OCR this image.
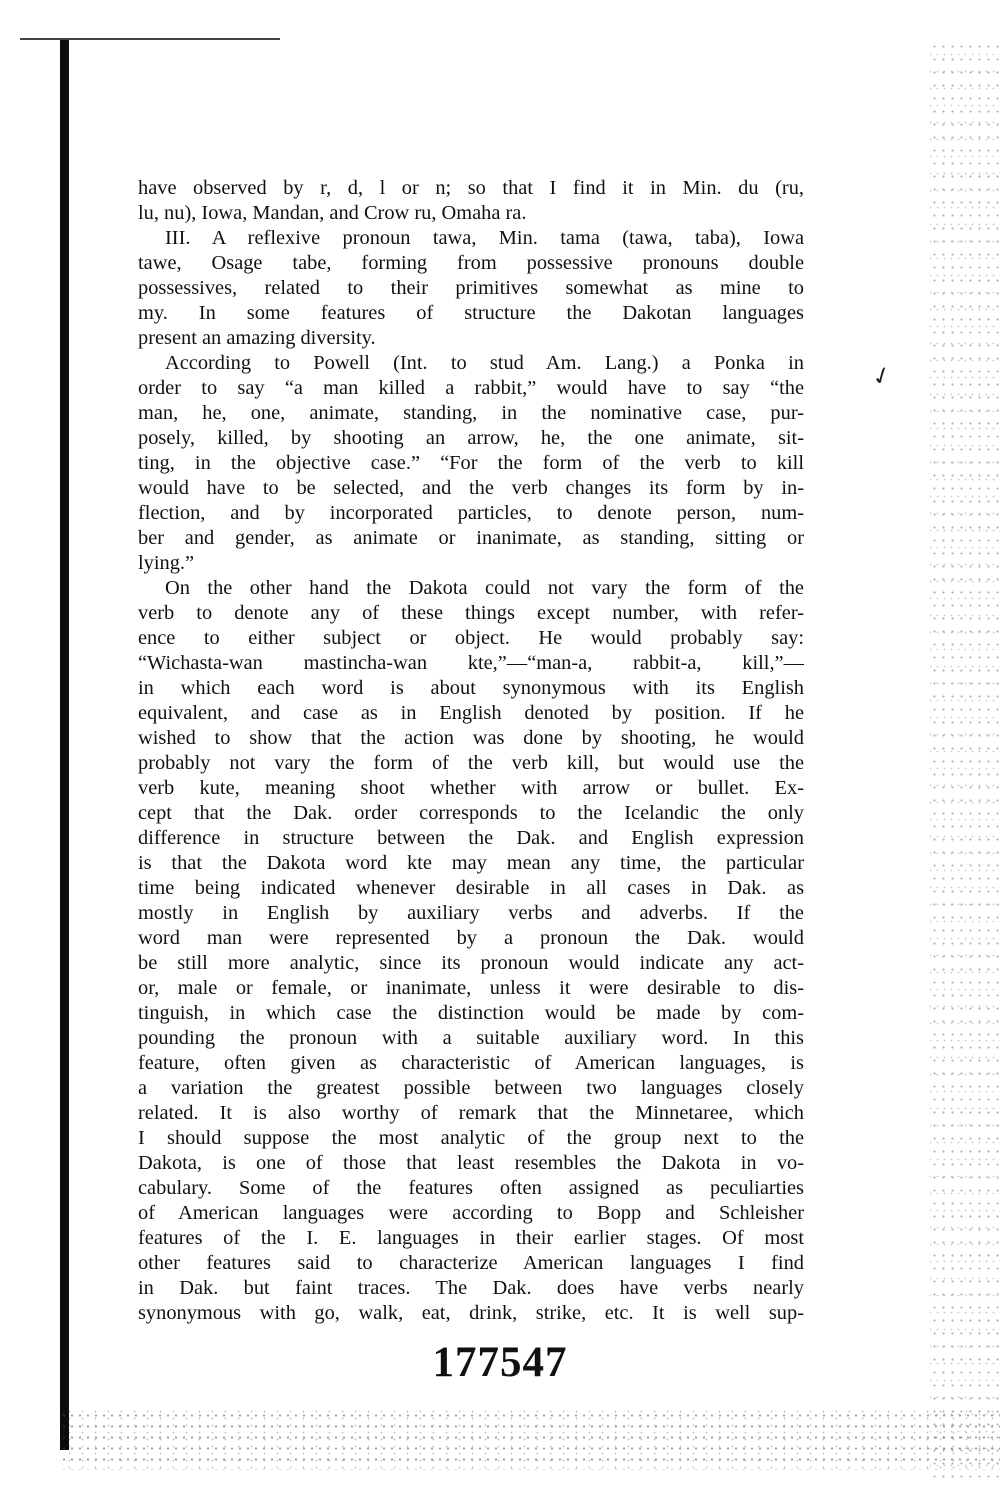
✓
have observed by r, d, l or n; so that I find it in Min. du (ru,
lu, nu), Iowa, Mandan, and Crow ru, Omaha ra.
III. A reflexive pronoun tawa, Min. tama (tawa, taba), Iowa
tawe, Osage tabe, forming from possessive pronouns double
possessives, related to their primitives somewhat as mine to
my. In some features of structure the Dakotan languages
present an amazing diversity.
According to Powell (Int. to stud Am. Lang.) a Ponka in
order to say “a man killed a rabbit,” would have to say “the
man, he, one, animate, standing, in the nominative case, pur-
posely, killed, by shooting an arrow, he, the one animate, sit-
ting, in the objective case.” “For the form of the verb to kill
would have to be selected, and the verb changes its form by in-
flection, and by incorporated particles, to denote person, num-
ber and gender, as animate or inanimate, as standing, sitting or
lying.”
On the other hand the Dakota could not vary the form of the
verb to denote any of these things except number, with refer-
ence to either subject or object. He would probably say:
“Wichasta-wan mastincha-wan kte,”—“man-a, rabbit-a, kill,”—
in which each word is about synonymous with its English
equivalent, and case as in English denoted by position. If he
wished to show that the action was done by shooting, he would
probably not vary the form of the verb kill, but would use the
verb kute, meaning shoot whether with arrow or bullet. Ex-
cept that the Dak. order corresponds to the Icelandic the only
difference in structure between the Dak. and English expression
is that the Dakota word kte may mean any time, the particular
time being indicated whenever desirable in all cases in Dak. as
mostly in English by auxiliary verbs and adverbs. If the
word man were represented by a pronoun the Dak. would
be still more analytic, since its pronoun would indicate any act-
or, male or female, or inanimate, unless it were desirable to dis-
tinguish, in which case the distinction would be made by com-
pounding the pronoun with a suitable auxiliary word. In this
feature, often given as characteristic of American languages, is
a variation the greatest possible between two languages closely
related. It is also worthy of remark that the Minnetaree, which
I should suppose the most analytic of the group next to the
Dakota, is one of those that least resembles the Dakota in vo-
cabulary. Some of the features often assigned as peculiarties
of American languages were according to Bopp and Schleisher
features of the I. E. languages in their earlier stages. Of most
other features said to characterize American languages I find
in Dak. but faint traces. The Dak. does have verbs nearly
synonymous with go, walk, eat, drink, strike, etc. It is well sup-
177547
